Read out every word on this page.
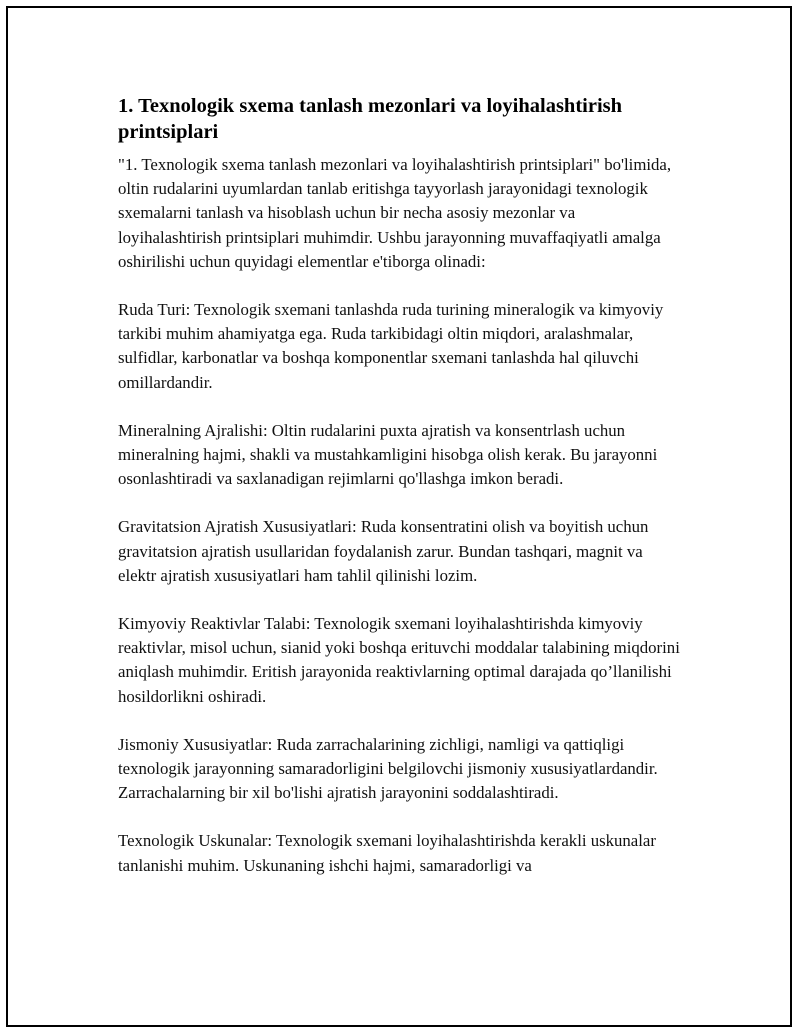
1. Texnologik sxema tanlash mezonlari va loyihalashtirish printsiplari

"1. Texnologik sxema tanlash mezonlari va loyihalashtirish printsiplari" bo'limida, oltin rudalarini uyumlardan tanlab eritishga tayyorlash jarayonidagi texnologik sxemalarni tanlash va hisoblash uchun bir necha asosiy mezonlar va loyihalashtirish printsiplari muhimdir. Ushbu jarayonning muvaffaqiyatli amalga oshirilishi uchun quyidagi elementlar e'tiborga olinadi:

Ruda Turi: Texnologik sxemani tanlashda ruda turining mineralogik va kimyoviy tarkibi muhim ahamiyatga ega. Ruda tarkibidagi oltin miqdori, aralashmalar, sulfidlar, karbonatlar va boshqa komponentlar sxemani tanlashda hal qiluvchi omillardandir.

Mineralning Ajralishi: Oltin rudalarini puxta ajratish va konsentrlash uchun mineralning hajmi, shakli va mustahkamligini hisobga olish kerak. Bu jarayonni osonlashtiradi va saxlanadigan rejimlarni qo'llashga imkon beradi.

Gravitatsion Ajratish Xususiyatlari: Ruda konsentratini olish va boyitish uchun gravitatsion ajratish usullaridan foydalanish zarur. Bundan tashqari, magnit va elektr ajratish xususiyatlari ham tahlil qilinishi lozim.

Kimyoviy Reaktivlar Talabi: Texnologik sxemani loyihalashtirishda kimyoviy reaktivlar, misol uchun, sianid yoki boshqa erituvchi moddalar talabining miqdorini aniqlash muhimdir. Eritish jarayonida reaktivlarning optimal darajada qo’llanilishi hosildorlikni oshiradi.

Jismoniy Xususiyatlar: Ruda zarrachalarining zichligi, namligi va qattiqligi texnologik jarayonning samaradorligini belgilovchi jismoniy xususiyatlardandir. Zarrachalarning bir xil bo'lishi ajratish jarayonini soddalashtiradi.

Texnologik Uskunalar: Texnologik sxemani loyihalashtirishda kerakli uskunalar tanlanishi muhim. Uskunaning ishchi hajmi, samaradorligi va
